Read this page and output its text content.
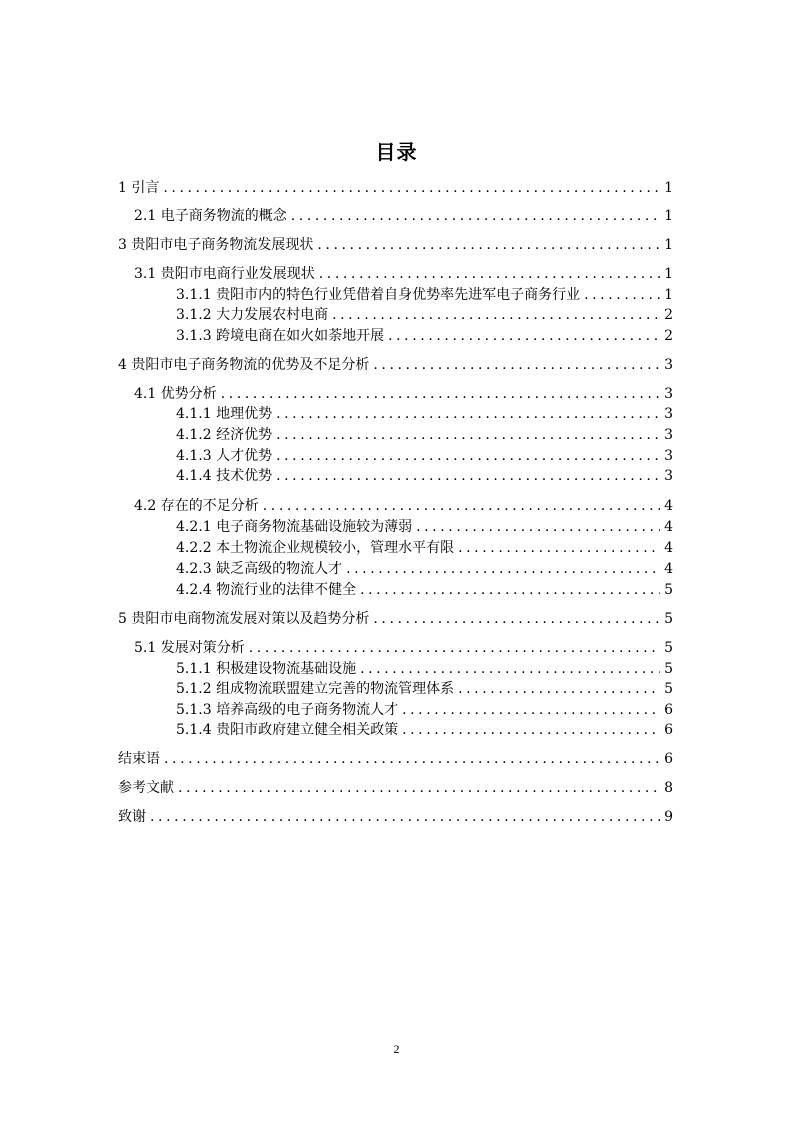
目录
1 引言 .....	1
2.1 电子商务物流的概念 .....	1
3 贵阳市电子商务物流发展现状 .....	1
3.1 贵阳市电商行业发展现状 .....	1
3.1.1 贵阳市内的特色行业凭借着自身优势率先进军电子商务行业 .....	1
3.1.2 大力发展农村电商 .....	2
3.1.3 跨境电商在如火如荼地开展 .....	2
4 贵阳市电子商务物流的优势及不足分析 .....	3
4.1 优势分析 .....	3
4.1.1 地理优势 .....	3
4.1.2 经济优势 .....	3
4.1.3 人才优势 .....	3
4.1.4 技术优势 .....	3
4.2 存在的不足分析 .....	4
4.2.1 电子商务物流基础设施较为薄弱 .....	4
4.2.2 本土物流企业规模较小，管理水平有限 .....	4
4.2.3 缺乏高级的物流人才 .....	4
4.2.4 物流行业的法律不健全 .....	5
5 贵阳市电商物流发展对策以及趋势分析 .....	5
5.1 发展对策分析 .....	5
5.1.1 积极建设物流基础设施 .....	5
5.1.2 组成物流联盟建立完善的物流管理体系 .....	5
5.1.3 培养高级的电子商务物流人才 .....	6
5.1.4 贵阳市政府建立健全相关政策 .....	6
结束语 .....	6
参考文献 .....	8
致谢 .....	9
2
